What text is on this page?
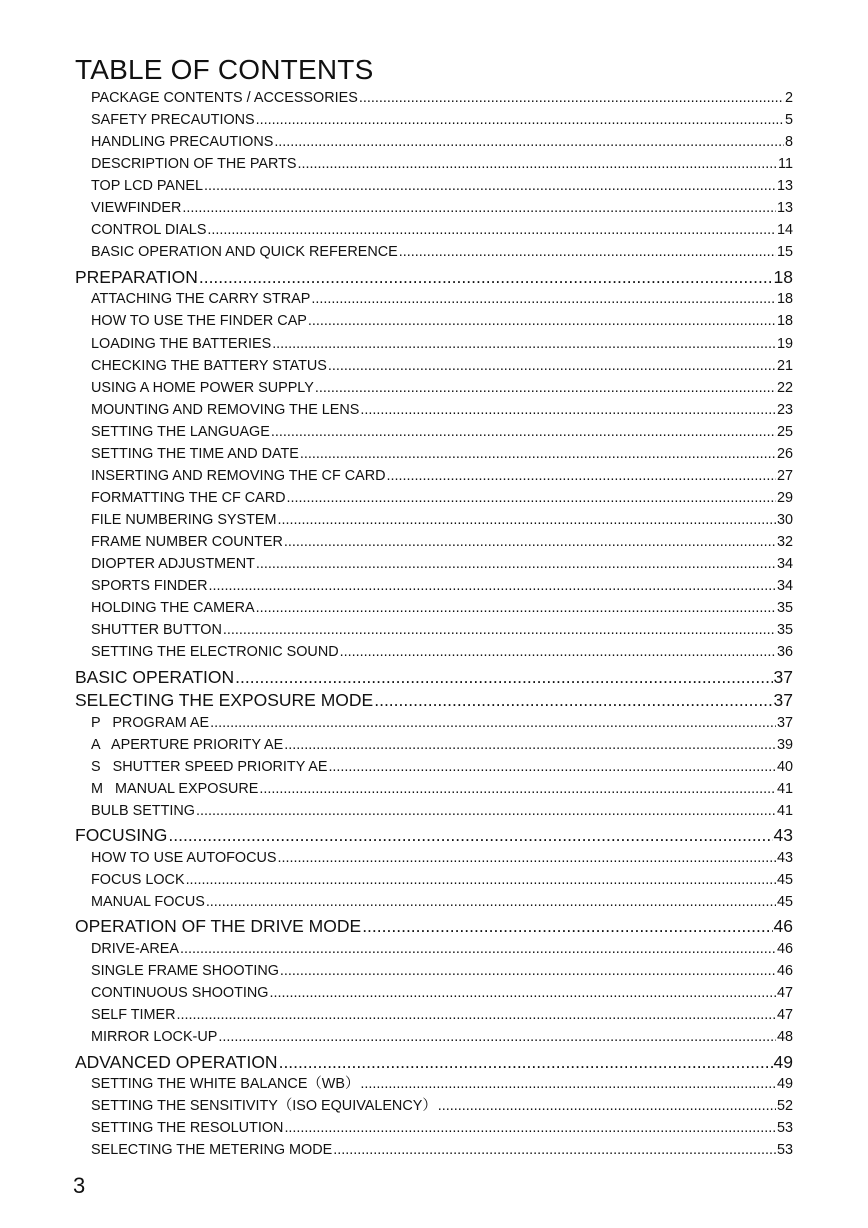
TABLE OF CONTENTS
PACKAGE CONTENTS / ACCESSORIES .....	2
SAFETY PRECAUTIONS .....	5
HANDLING PRECAUTIONS .....	8
DESCRIPTION OF THE PARTS .....	11
TOP LCD PANEL .....	13
VIEWFINDER .....	13
CONTROL DIALS .....	14
BASIC OPERATION AND QUICK REFERENCE .....	15
PREPARATION .....	18
ATTACHING THE CARRY STRAP .....	18
HOW TO USE THE FINDER CAP .....	18
LOADING THE BATTERIES .....	19
CHECKING THE BATTERY STATUS .....	21
USING A HOME POWER SUPPLY .....	22
MOUNTING AND REMOVING THE LENS .....	23
SETTING THE LANGUAGE .....	25
SETTING THE TIME AND DATE .....	26
INSERTING AND REMOVING THE CF CARD .....	27
FORMATTING THE CF CARD .....	29
FILE NUMBERING SYSTEM .....	30
FRAME NUMBER COUNTER .....	32
DIOPTER ADJUSTMENT .....	34
SPORTS FINDER .....	34
HOLDING THE CAMERA .....	35
SHUTTER BUTTON .....	35
SETTING THE ELECTRONIC SOUND .....	36
BASIC OPERATION .....	37
SELECTING THE EXPOSURE MODE .....	37
P   PROGRAM AE .....	37
A   APERTURE PRIORITY AE .....	39
S   SHUTTER SPEED PRIORITY AE .....	40
M   MANUAL EXPOSURE .....	41
BULB SETTING .....	41
FOCUSING .....	43
HOW TO USE AUTOFOCUS .....	43
FOCUS LOCK .....	45
MANUAL FOCUS .....	45
OPERATION OF THE DRIVE MODE .....	46
DRIVE-AREA .....	46
SINGLE FRAME SHOOTING .....	46
CONTINUOUS SHOOTING .....	47
SELF TIMER .....	47
MIRROR LOCK-UP .....	48
ADVANCED OPERATION .....	49
SETTING THE WHITE BALANCE（WB） .....	49
SETTING THE SENSITIVITY（ISO EQUIVALENCY） .....	52
SETTING THE RESOLUTION .....	53
SELECTING THE METERING MODE .....	53
3
